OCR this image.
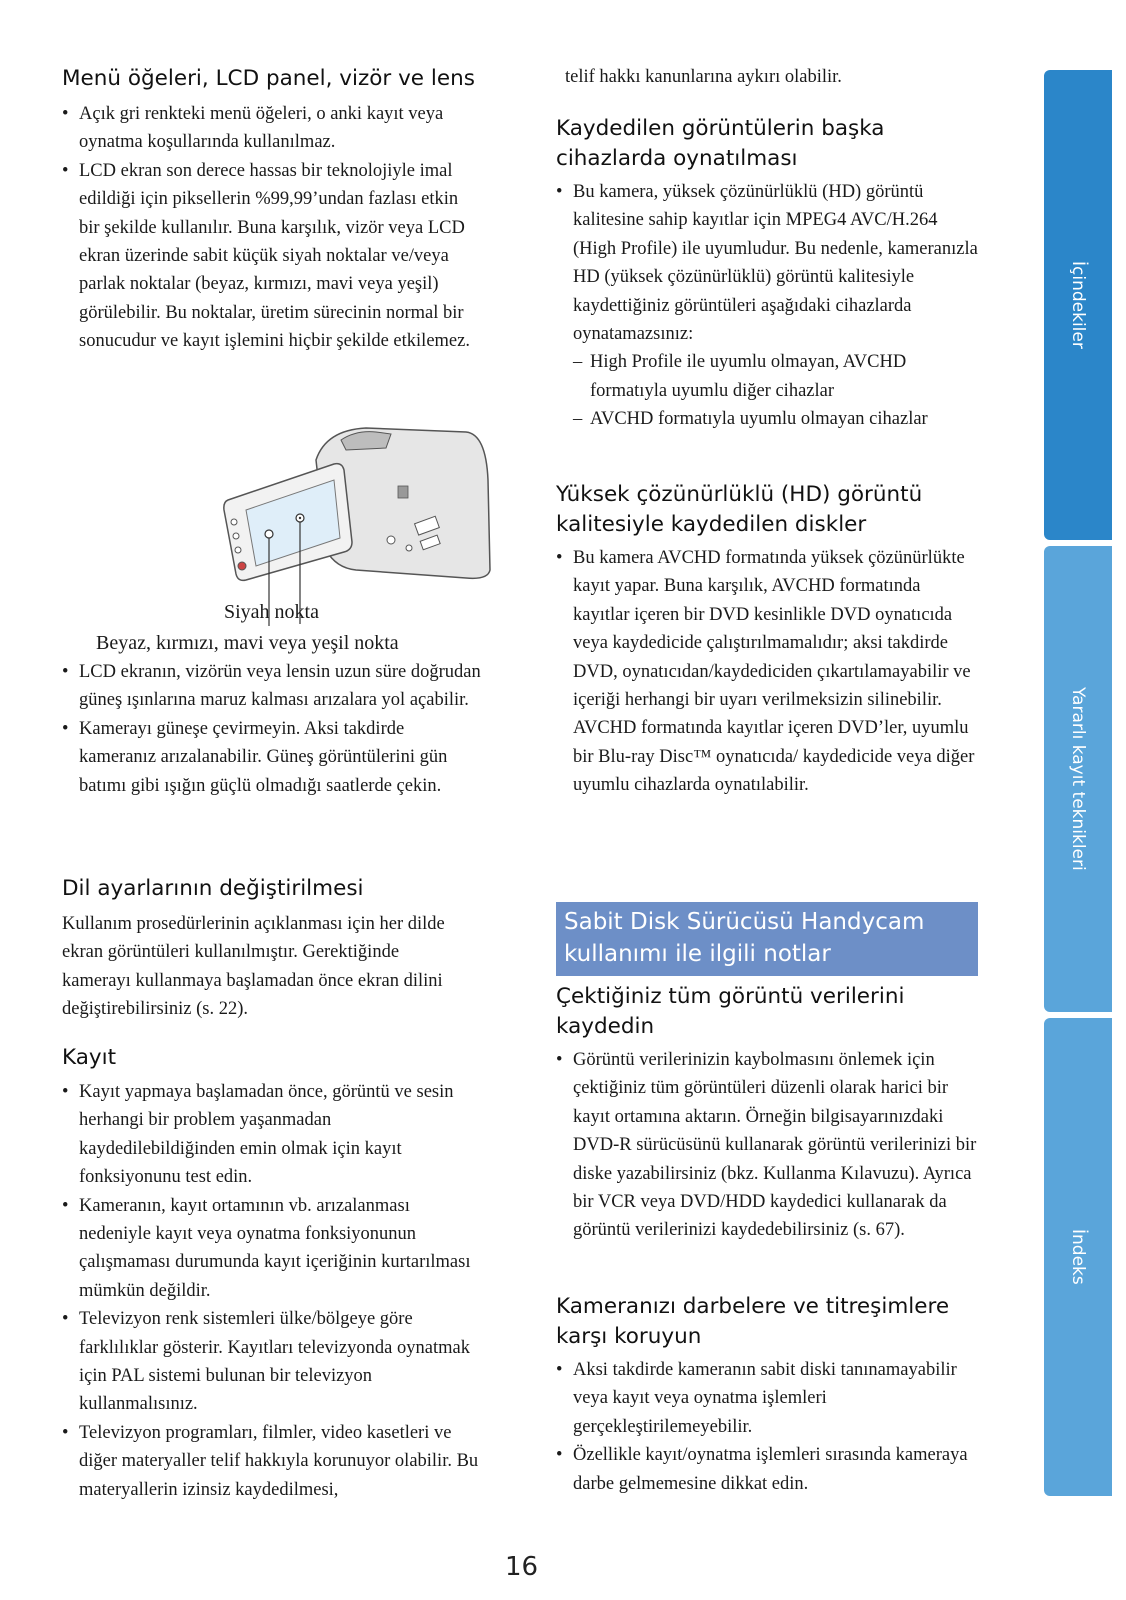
Menü öğeleri, LCD panel, vizör ve lens
• Açık gri renkteki menü öğeleri, o anki kayıt veya oynatma koşullarında kullanılmaz.
• LCD ekran son derece hassas bir teknolojiyle imal edildiği için piksellerin %99,99’undan fazlası etkin bir şekilde kullanılır. Buna karşılık, vizör veya LCD ekran üzerinde sabit küçük siyah noktalar ve/veya parlak noktalar (beyaz, kırmızı, mavi veya yeşil) görülebilir. Bu noktalar, üretim sürecinin normal bir sonucudur ve kayıt işlemini hiçbir şekilde etkilemez.
Siyah nokta
Beyaz, kırmızı, mavi veya yeşil nokta
• LCD ekranın, vizörün veya lensin uzun süre doğrudan güneş ışınlarına maruz kalması arızalara yol açabilir.
• Kamerayı güneşe çevirmeyin. Aksi takdirde kameranız arızalanabilir. Güneş görüntülerini gün batımı gibi ışığın güçlü olmadığı saatlerde çekin.
Dil ayarlarının değiştirilmesi

Kullanım prosedürlerinin açıklanması için her dilde ekran görüntüleri kullanılmıştır. Gerektiğinde kamerayı kullanmaya başlamadan önce ekran dilini değiştirebilirsiniz (s. 22).

Kayıt
• Kayıt yapmaya başlamadan önce, görüntü ve sesin herhangi bir problem yaşanmadan kaydedilebildiğinden emin olmak için kayıt fonksiyonunu test edin.
• Kameranın, kayıt ortamının vb. arızalanması nedeniyle kayıt veya oynatma fonksiyonunun çalışmaması durumunda kayıt içeriğinin kurtarılması mümkün değildir.
• Televizyon renk sistemleri ülke/bölgeye göre farklılıklar gösterir. Kayıtları televizyonda oynatmak için PAL sistemi bulunan bir televizyon kullanmalısınız.
• Televizyon programları, filmler, video kasetleri ve diğer materyaller telif hakkıyla korunuyor olabilir. Bu materyallerin izinsiz kaydedilmesi,

telif hakkı kanunlarına aykırı olabilir.

Kaydedilen görüntülerin başka cihazlarda oynatılması
• Bu kamera, yüksek çözünürlüklü (HD) görüntü kalitesine sahip kayıtlar için MPEG4 AVC/H.264 (High Profile) ile uyumludur. Bu nedenle, kameranızla HD (yüksek çözünürlüklü) görüntü kalitesiyle kaydettiğiniz görüntüleri aşağıdaki cihazlarda oynatamazsınız:
– High Profile ile uyumlu olmayan, AVCHD formatıyla uyumlu diğer cihazlar
– AVCHD formatıyla uyumlu olmayan cihazlar
Yüksek çözünürlüklü (HD) görüntü kalitesiyle kaydedilen diskler
• Bu kamera AVCHD formatında yüksek çözünürlükte kayıt yapar. Buna karşılık, AVCHD formatında kayıtlar içeren bir DVD kesinlikle DVD oynatıcıda veya kaydedicide çalıştırılmamalıdır; aksi takdirde DVD, oynatıcıdan/kaydediciden çıkartılamayabilir ve içeriği herhangi bir uyarı verilmeksizin silinebilir. AVCHD formatında kayıtlar içeren DVD’ler, uyumlu bir Blu-ray Disc™ oynatıcıda/ kaydedicide veya diğer uyumlu cihazlarda oynatılabilir.
Sabit Disk Sürücüsü Handycam kullanımı ile ilgili notlar
Çektiğiniz tüm görüntü verilerini kaydedin
• Görüntü verilerinizin kaybolmasını önlemek için çektiğiniz tüm görüntüleri düzenli olarak harici bir kayıt ortamına aktarın. Örneğin bilgisayarınızdaki DVD-R sürücüsünü kullanarak görüntü verilerinizi bir diske yazabilirsiniz (bkz. Kullanma Kılavuzu). Ayrıca bir VCR veya DVD/HDD kaydedici kullanarak da görüntü verilerinizi kaydedebilirsiniz (s. 67).
Kameranızı darbelere ve titreşimlere karşı koruyun
• Aksi takdirde kameranın sabit diski tanınamayabilir veya kayıt veya oynatma işlemleri gerçekleştirilemeyebilir.
• Özellikle kayıt/oynatma işlemleri sırasında kameraya darbe gelmemesine dikkat edin.
İçindekiler
Yararlı kayıt teknikleri
İndeks
16
